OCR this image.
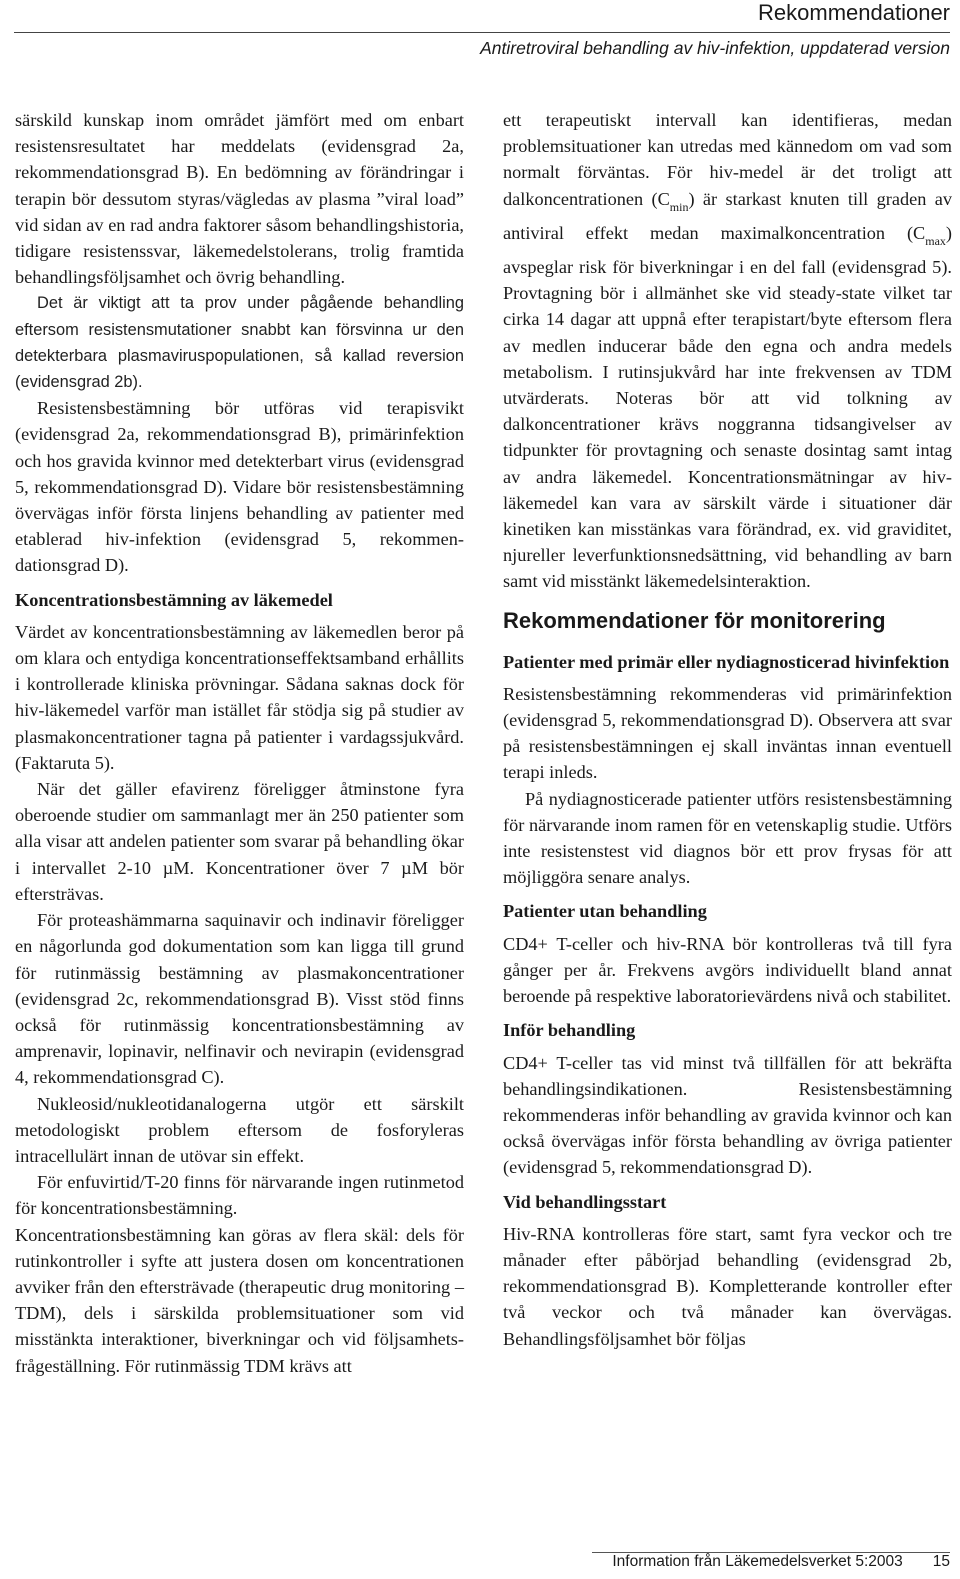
Rekommendationer
Antiretroviral behandling av hiv-infektion, uppdaterad version

särskild kunskap inom området jämfört med om enbart resistensresultatet har meddelats (evidensgrad 2a, rekommendationsgrad B). En bedömning av förändringar i terapin bör dessutom styras/vägledas av plasma ”viral load” vid sidan av en rad andra faktorer såsom behandlingshistoria, tidigare resistenssvar, läkemedelstolerans, trolig framtida behandlingsföljsamhet och övrig behandling.

Det är viktigt att ta prov under pågående behandling eftersom resistensmutationer snabbt kan försvinna ur den detekterbara plasmaviruspopulationen, så kallad reversion (evidensgrad 2b).

Resistensbestämning bör utföras vid terapisvikt (evidensgrad 2a, rekommendationsgrad B), primärinfektion och hos gravida kvinnor med detekterbart virus (evidensgrad 5, rekommendationsgrad D). Vidare bör resistensbestämning övervägas inför första linjens behandling av patienter med etablerad hiv-infektion (evidensgrad 5, rekommendationsgrad D).

Koncentrationsbestämning av läkemedel

Värdet av koncentrationsbestämning av läkemedlen beror på om klara och entydiga koncentrationseffektsamband erhållits i kontrollerade kliniska prövningar. Sådana saknas dock för hiv-läkemedel varför man istället får stödja sig på studier av plasmakoncentrationer tagna på patienter i vardagssjukvård. (Faktaruta 5).

När det gäller efavirenz föreligger åtminstone fyra oberoende studier om sammanlagt mer än 250 patienter som alla visar att andelen patienter som svarar på behandling ökar i intervallet 2-10 µM. Koncentrationer över 7 µM bör eftersträvas.

För proteashämmarna saquinavir och indinavir föreligger en någorlunda god dokumentation som kan ligga till grund för rutinmässig bestämning av plasmakoncentrationer (evidensgrad 2c, rekommendationsgrad B). Visst stöd finns också för rutinmässig koncentrationsbestämning av amprenavir, lopinavir, nelfinavir och nevirapin (evidensgrad 4, rekommendationsgrad C).

Nukleosid/nukleotidanalogerna utgör ett särskilt metodologiskt problem eftersom de fosforyleras intracellulärt innan de utövar sin effekt.

För enfuvirtid/T-20 finns för närvarande ingen rutinmetod för koncentrationsbestämning.

Koncentrationsbestämning kan göras av flera skäl: dels för rutinkontroller i syfte att justera dosen om koncentrationen avviker från den eftersträvade (therapeutic drug monitoring – TDM), dels i särskilda problemsituationer som vid misstänkta interaktioner, biverkningar och vid följsamhetsfrågeställning. För rutinmässig TDM krävs att

ett terapeutiskt intervall kan identifieras, medan problemsituationer kan utredas med kännedom om vad som normalt förväntas. För hiv-medel är det troligt att dalkoncentrationen $(C_{min})$ är starkast knuten till graden av antiviral effekt medan maximalkoncentration $(C_{max})$ avspeglar risk för biverkningar i en del fall (evidensgrad 5). Provtagning bör i allmänhet ske vid steady-state vilket tar cirka 14 dagar att uppnå efter terapistart/byte eftersom flera av medlen inducerar både den egna och andra medels metabolism. I rutinsjukvård har inte frekvensen av TDM utvärderats. Noteras bör att vid tolkning av dalkoncentrationer krävs noggranna tidsangivelser av tidpunkter för provtagning och senaste dosintag samt intag av andra läkemedel. Koncentrationsmätningar av hiv-läkemedel kan vara av särskilt värde i situationer där kinetiken kan misstänkas vara förändrad, ex. vid graviditet, njureller leverfunktionsnedsättning, vid behandling av barn samt vid misstänkt läkemedelsinteraktion.

Rekommendationer för monitorering
Patienter med primär eller nydiagnosticerad hivinfektion

Resistensbestämning rekommenderas vid primärinfektion (evidensgrad 5, rekommendationsgrad D). Observera att svar på resistensbestämningen ej skall inväntas innan eventuell terapi inleds.

På nydiagnosticerade patienter utförs resistensbestämning för närvarande inom ramen för en vetenskaplig studie. Utförs inte resistenstest vid diagnos bör ett prov frysas för att möjliggöra senare analys.

Patienter utan behandling

CD4+ T-celler och hiv-RNA bör kontrolleras två till fyra gånger per år. Frekvens avgörs individuellt bland annat beroende på respektive laboratorievärdens nivå och stabilitet.

Inför behandling

CD4+ T-celler tas vid minst två tillfällen för att bekräfta behandlingsindikationen. Resistensbestämning rekommenderas inför behandling av gravida kvinnor och kan också övervägas inför första behandling av övriga patienter (evidensgrad 5, rekommendationsgrad D).

Vid behandlingsstart

Hiv-RNA kontrolleras före start, samt fyra veckor och tre månader efter påbörjad behandling (evidensgrad 2b, rekommendationsgrad B). Kompletterande kontroller efter två veckor och två månader kan övervägas. Behandlingsföljsamhet bör följas

Information från Läkemedelsverket 5:2003 15
